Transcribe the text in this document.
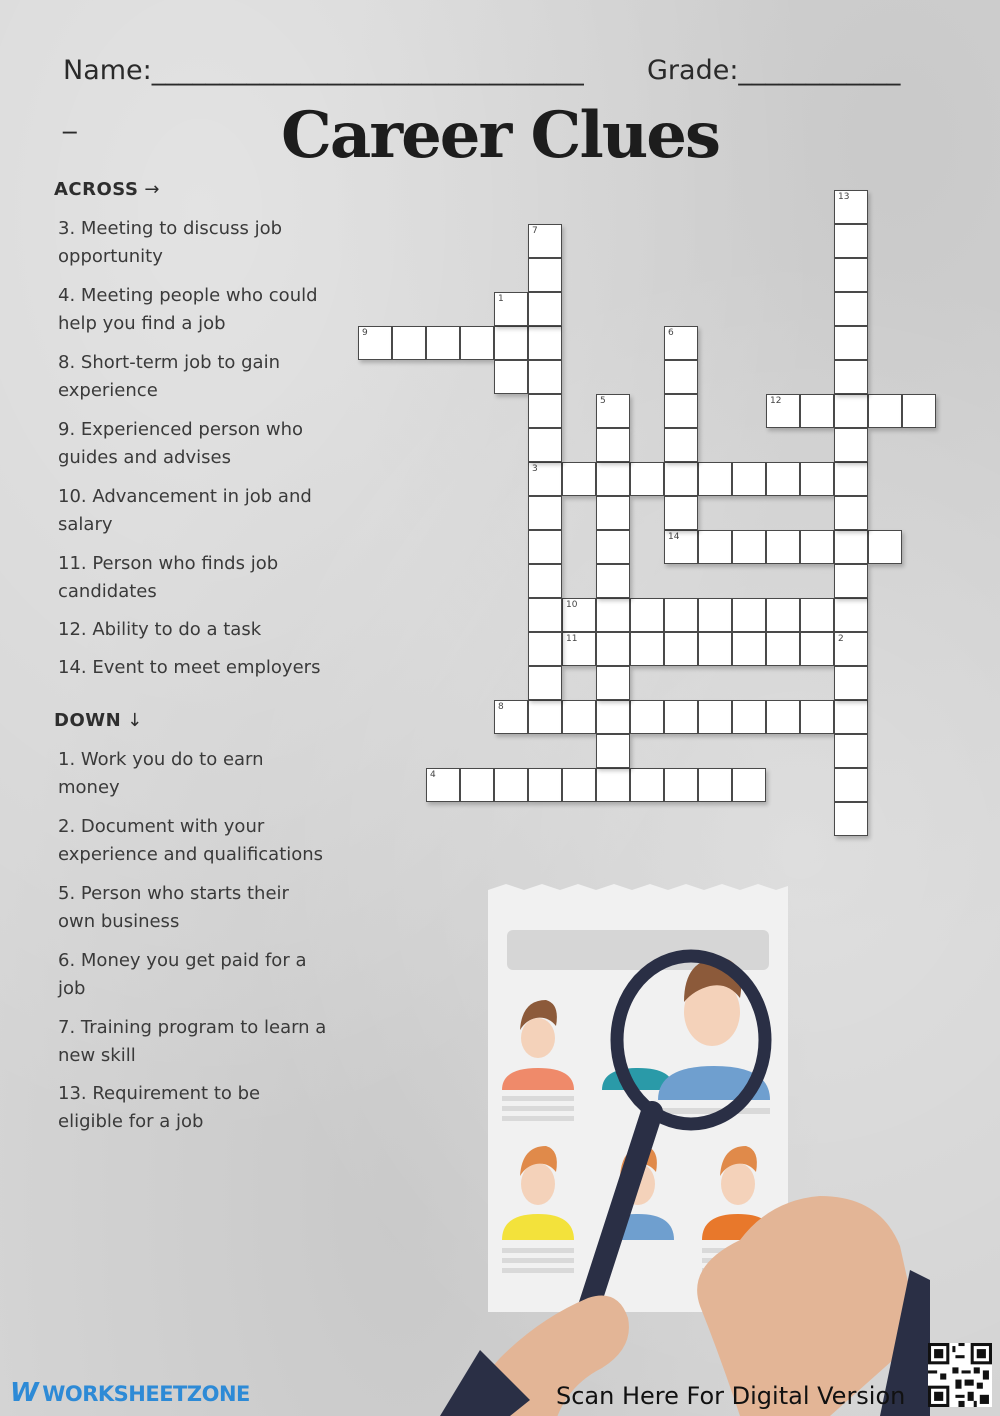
Name:________________________________ Grade:____________
_	Career Clues
ACROSS →
3. Meeting to discuss job opportunity
4. Meeting people who could help you find a job
8. Short-term job to gain experience
9. Experienced person who guides and advises
10. Advancement in job and salary
11. Person who finds job candidates
12. Ability to do a task
14. Event to meet employers
DOWN ↓
1. Work you do to earn money
2. Document with your experience and qualifications
5. Person who starts their own business
6. Money you get paid for a job
7. Training program to learn a new skill
13. Requirement to be eligible for a job
3
4
8
9
10
11	2
12
14
1
5
6
7
13
W WORKSHEETZONE	Scan Here For Digital Version
